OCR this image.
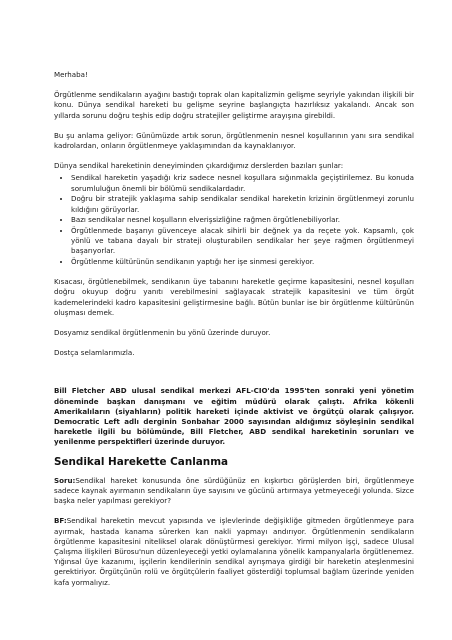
Merhaba!

Örgütlenme sendikaların ayağını bastığı toprak olan kapitalizmin gelişme seyriyle yakından ilişkili bir konu. Dünya sendikal hareketi bu gelişme seyrine başlangıçta hazırlıksız yakalandı. Ancak son yıllarda sorunu doğru teşhis edip doğru stratejiler geliştirme arayışına girebildi.

Bu şu anlama geliyor: Günümüzde artık sorun, örgütlenmenin nesnel koşullarının yanı sıra sendikal kadrolardan, onların örgütlenmeye yaklaşımından da kaynaklanıyor.

Dünya sendikal hareketinin deneyiminden çıkardığımız derslerden bazıları şunlar:

• Sendikal hareketin yaşadığı kriz sadece nesnel koşullara sığınmakla geçiştirilemez. Bu konuda sorumluluğun önemli bir bölümü sendikalardadır.
• Doğru bir stratejik yaklaşıma sahip sendikalar sendikal hareketin krizinin örgütlenmeyi zorunlu kıldığını görüyorlar.
• Bazı sendikalar nesnel koşulların elverişsizliğine rağmen örgütlenebiliyorlar.
• Örgütlenmede başarıyı güvenceye alacak sihirli bir değnek ya da reçete yok. Kapsamlı, çok yönlü ve tabana dayalı bir strateji oluşturabilen sendikalar her şeye rağmen örgütlenmeyi başarıyorlar.
• Örgütlenme kültürünün sendikanın yaptığı her işe sinmesi gerekiyor.

Kısacası, örgütlenebilmek, sendikanın üye tabanını hareketle geçirme kapasitesini, nesnel koşulları doğru okuyup doğru yanıtı verebilmesini sağlayacak stratejik kapasitesini ve tüm örgüt kademelerindeki kadro kapasitesini geliştirmesine bağlı. Bütün bunlar ise bir örgütlenme kültürünün oluşması demek.

Dosyamız sendikal örgütlenmenin bu yönü üzerinde duruyor.

Dostça selamlarımızla.

Bill Fletcher ABD ulusal sendikal merkezi AFL-CIO'da 1995'ten sonraki yeni yönetim döneminde başkan danışmanı ve eğitim müdürü olarak çalıştı. Afrika kökenli Amerikalıların (siyahların) politik hareketi içinde aktivist ve örgütçü olarak çalışıyor. Democratic Left adlı derginin Sonbahar 2000 sayısından aldığımız söyleşinin sendikal hareketle ilgili bu bölümünde, Bill Fletcher, ABD sendikal hareketinin sorunları ve yenilenme perspektifleri üzerinde duruyor.

Sendikal Harekette Canlanma

Soru:Sendikal hareket konusunda öne sürdüğünüz en kışkırtıcı görüşlerden biri, örgütlenmeye sadece kaynak ayırmanın sendikaların üye sayısını ve gücünü artırmaya yetmeyeceği yolunda. Sizce başka neler yapılması gerekiyor?

BF:Sendikal hareketin mevcut yapısında ve işlevlerinde değişikliğe gitmeden örgütlenmeye para ayırmak, hastada kanama sürerken kan nakli yapmayı andırıyor. Örgütlenmenin sendikaların örgütlenme kapasitesini niteliksel olarak dönüştürmesi gerekiyor. Yirmi milyon işçi, sadece Ulusal Çalışma İlişkileri Bürosu'nun düzenleyeceği yetki oylamalarına yönelik kampanyalarla örgütlenemez. Yığınsal üye kazanımı, işçilerin kendilerinin sendikal ayrışmaya girdiği bir hareketin ateşlenmesini gerektiriyor. Örgütçünün rolü ve örgütçülerin faaliyet gösterdiği toplumsal bağlam üzerinde yeniden kafa yormalıyız.
